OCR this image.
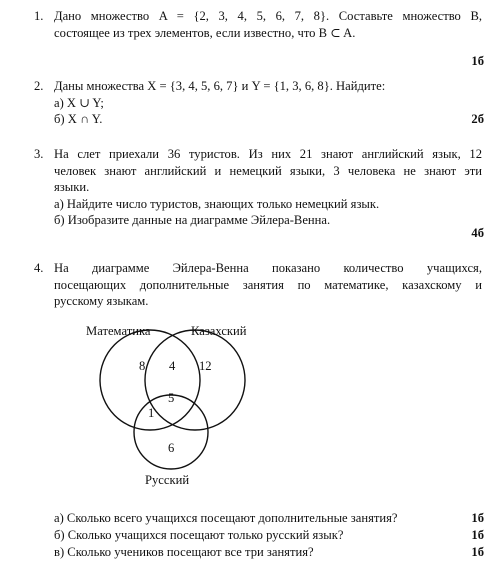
1. Дано множество A = {2, 3, 4, 5, 6, 7, 8}. Составьте множество B,
состоящее из трех элементов, если известно, что B ⊂ A.
1б
2. Даны множества X = {3, 4, 5, 6, 7} и Y = {1, 3, 6, 8}. Найдите:
а) X ∪ Y;
б) X ∩ Y.	2б
3. На слет приехали 36 туристов. Из них 21 знают английский язык, 12
человек знают английский и немецкий языки, 3 человека не знают эти
языки.
а) Найдите число туристов, знающих только немецкий язык.
б) Изобразите данные на диаграмме Эйлера-Венна.
4б
4. На диаграмме Эйлера-Венна показано количество учащихся,
посещающих дополнительные занятия по математике, казахскому и
русскому языкам.
Математика	Казахский
Русский
8 4 12
5
1
6
а) Сколько всего учащихся посещают дополнительные занятия?	1б
б) Сколько учащихся посещают только русский язык?	1б
в) Сколько учеников посещают все три занятия?	1б
